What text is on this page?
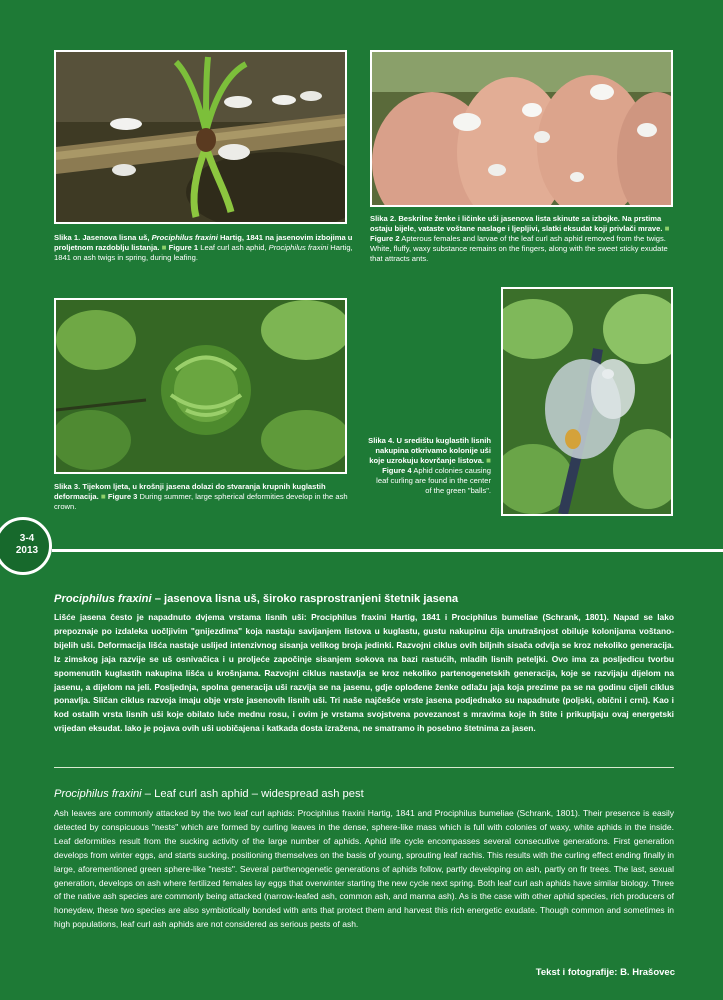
Slika 1. Jasenova lisna uš, Prociphilus fraxini Hartig, 1841 na jasenovim izbojima u proljetnom razdoblju listanja. ■ Figure 1 Leaf curl ash aphid, Prociphilus fraxini Hartig, 1841 on ash twigs in spring, during leafing.
Slika 2. Beskrilne ženke i ličinke uši jasenova lista skinute sa izbojke. Na prstima ostaju bijele, vataste voštane naslage i ljepljivi, slatki eksudat koji privlači mrave. ■ Figure 2 Apterous females and larvae of the leaf curl ash aphid removed from the twigs. White, fluffy, waxy substance remains on the fingers, along with the sweet sticky exudate that attracts ants.
Slika 3. Tijekom ljeta, u krošnji jasena dolazi do stvaranja krupnih kuglastih deformacija. ■ Figure 3 During summer, large spherical deformities develop in the ash crown.
Slika 4. U središtu kuglastih lisnih nakupina otkrivamo kolonije uši koje uzrokuju kovrčanje listova. ■ Figure 4 Aphid colonies causing leaf curling are found in the center of the green "balls".
3-4
2013
Prociphilus fraxini – jasenova lisna uš, široko rasprostranjeni štetnik jasena
Lišće jasena često je napadnuto dvjema vrstama lisnih uši: Prociphilus fraxini Hartig, 1841 i Prociphilus bumeliae (Schrank, 1801). Napad se lako prepoznaje po izdaleka uočljivim "gnijezdima" koja nastaju savijanjem listova u kuglastu, gustu nakupinu čija unutrašnjost obiluje kolonijama voštano-bijelih uši. Deformacija lišća nastaje uslijed intenzivnog sisanja velikog broja jedinki. Razvojni ciklus ovih biljnih sisača odvija se kroz nekoliko generacija. Iz zimskog jaja razvije se uš osnivačica i u proljeće započinje sisanjem sokova na bazi rastućih, mladih lisnih peteljki. Ovo ima za posljedicu tvorbu spomenutih kuglastih nakupina lišća u krošnjama. Razvojni ciklus nastavlja se kroz nekoliko partenogenetskih generacija, koje se razvijaju dijelom na jasenu, a dijelom na jeli. Posljednja, spolna generacija uši razvija se na jasenu, gdje oplođene ženke odlažu jaja koja prezime pa se na godinu cijeli ciklus ponavlja. Sličan ciklus razvoja imaju obje vrste jasenovih lisnih uši. Tri naše najčešće vrste jasena podjednako su napadnute (poljski, obični i crni). Kao i kod ostalih vrsta lisnih uši koje obilato luče mednu rosu, i ovim je vrstama svojstvena povezanost s mravima koje ih štite i prikupljaju ovaj energetski vrijedan eksudat. Iako je pojava ovih uši uobičajena i katkada dosta izražena, ne smatramo ih posebno štetnima za jasen.
Prociphilus fraxini – Leaf curl ash aphid – widespread ash pest
Ash leaves are commonly attacked by the two leaf curl aphids: Prociphilus fraxini Hartig, 1841 and Prociphilus bumeliae (Schrank, 1801). Their presence is easily detected by conspicuous "nests" which are formed by curling leaves in the dense, sphere-like mass which is full with colonies of waxy, white aphids in the inside. Leaf deformities result from the sucking activity of the large number of aphids. Aphid life cycle encompasses several consecutive generations. First generation develops from winter eggs, and starts sucking, positioning themselves on the basis of young, sprouting leaf rachis. This results with the curling effect ending finally in large, aforementioned green sphere-like "nests". Several parthenogenetic generations of aphids follow, partly developing on ash, partly on fir trees. The last, sexual generation, develops on ash where fertilized females lay eggs that overwinter starting the new cycle next spring. Both leaf curl ash aphids have similar biology. Three of the native ash species are commonly being attacked (narrow-leafed ash, common ash, and manna ash). As is the case with other aphid species, rich producers of honeydew, these two species are also symbiotically bonded with ants that protect them and harvest this rich energetic exudate. Though common and sometimes in high populations, leaf curl ash aphids are not considered as serious pests of ash.
Tekst i fotografije: B. Hrašovec
